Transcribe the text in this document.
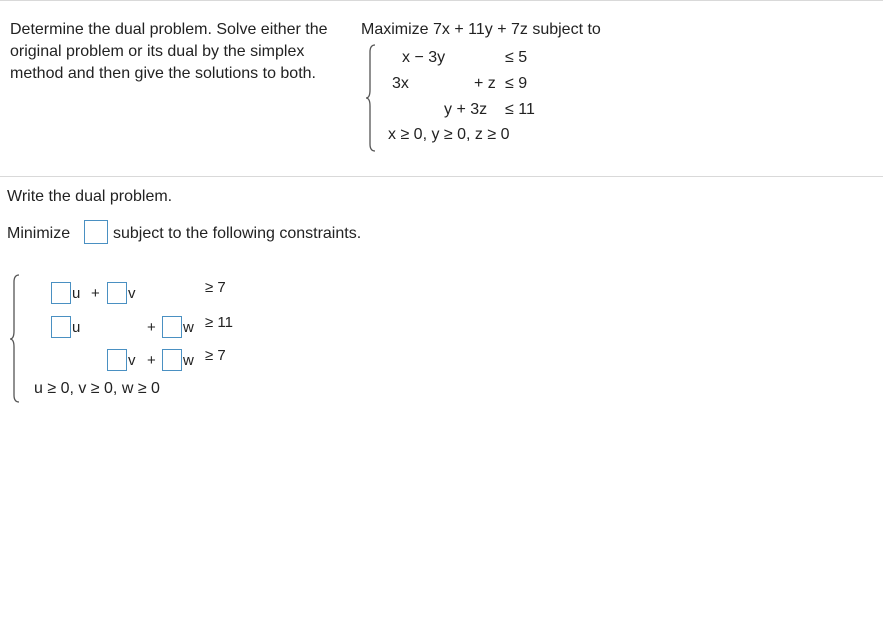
Determine the dual problem. Solve either the original problem or its dual by the simplex method and then give the solutions to both.
Maximize 7x + 11y + 7z subject to
x − 3y	≤ 5
3x	+ z ≤ 9
y + 3z ≤ 11
x ≥ 0, y ≥ 0, z ≥ 0
Write the dual problem.
Minimize	subject to the following constraints.
u + v	≥ 7
u	+ w ≥ 11
v + w ≥ 7
u ≥ 0, v ≥ 0, w ≥ 0
